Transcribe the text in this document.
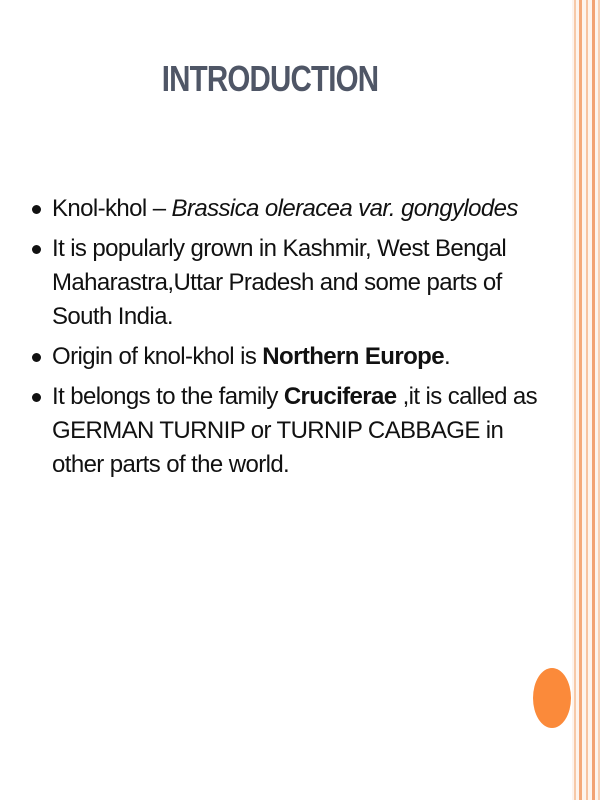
INTRODUCTION
Knol-khol – Brassica oleracea var. gongylodes
It is popularly grown in Kashmir, West Bengal Maharastra,Uttar Pradesh and some parts of South India.
Origin of knol-khol is Northern Europe.
It belongs to the family Cruciferae ,it is called as GERMAN TURNIP or TURNIP CABBAGE in other parts of the world.
